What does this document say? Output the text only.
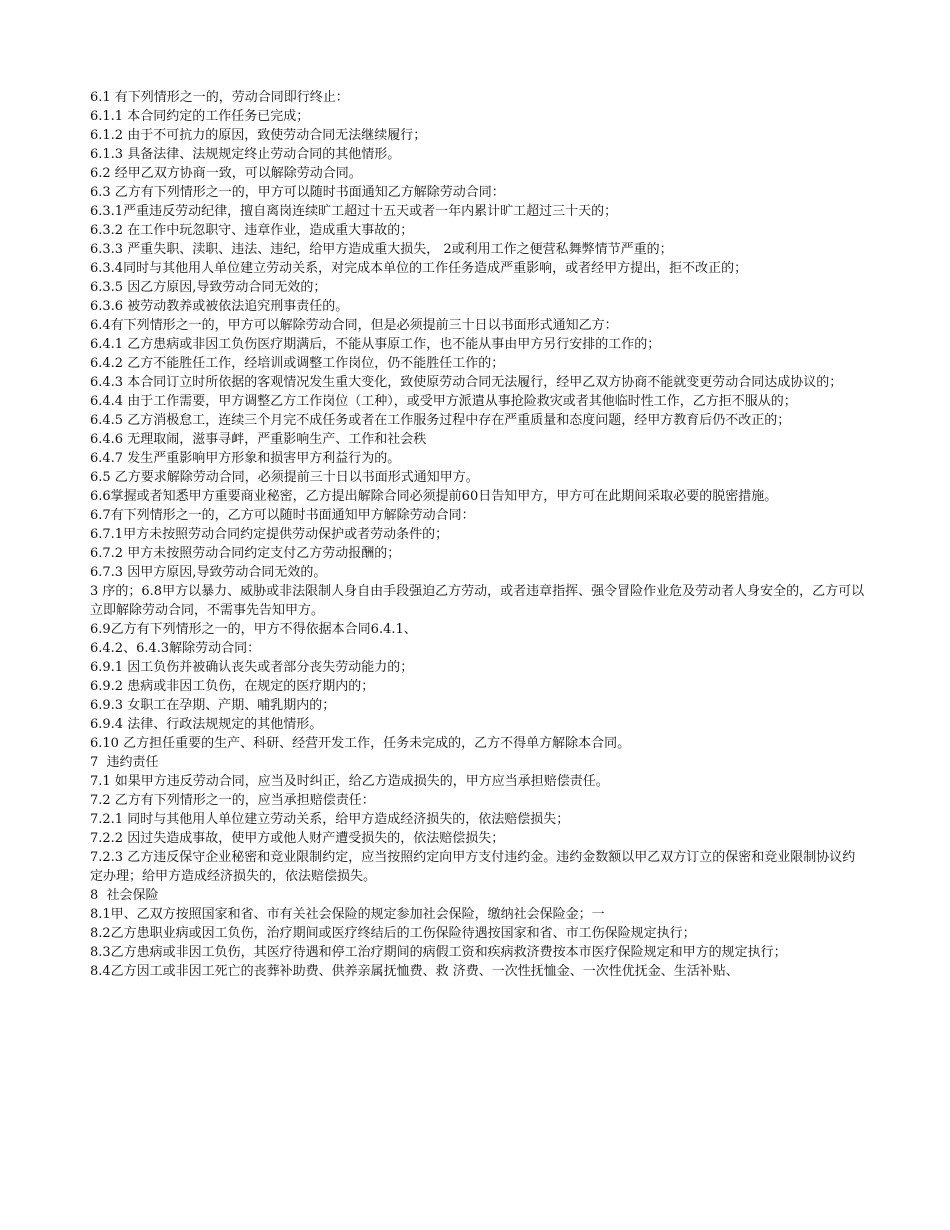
6.1 有下列情形之一的，劳动合同即行终止：
6.1.1 本合同约定的工作任务已完成；
6.1.2 由于不可抗力的原因，致使劳动合同无法继续履行；
6.1.3 具备法律、法规规定终止劳动合同的其他情形。
6.2 经甲乙双方协商一致，可以解除劳动合同。
6.3 乙方有下列情形之一的，甲方可以随时书面通知乙方解除劳动合同：
6.3.1严重违反劳动纪律，擅自离岗连续旷工超过十五天或者一年内累计旷工超过三十天的；
6.3.2 在工作中玩忽职守、违章作业，造成重大事故的；
6.3.3 严重失职、渎职、违法、违纪，给甲方造成重大损失， 2或利用工作之便营私舞弊情节严重的；
6.3.4同时与其他用人单位建立劳动关系，对完成本单位的工作任务造成严重影响，或者经甲方提出，拒不改正的；
6.3.5 因乙方原因,导致劳动合同无效的；
6.3.6 被劳动教养或被依法追究刑事责任的。
6.4有下列情形之一的，甲方可以解除劳动合同，但是必须提前三十日以书面形式通知乙方：
6.4.1 乙方患病或非因工负伤医疗期满后，不能从事原工作，也不能从事由甲方另行安排的工作的；
6.4.2 乙方不能胜任工作，经培训或调整工作岗位，仍不能胜任工作的；
6.4.3 本合同订立时所依据的客观情况发生重大变化，致使原劳动合同无法履行，经甲乙双方协商不能就变更劳动合同达成协议的；
6.4.4 由于工作需要，甲方调整乙方工作岗位（工种），或受甲方派遣从事抢险救灾或者其他临时性工作，乙方拒不服从的；
6.4.5 乙方消极怠工，连续三个月完不成任务或者在工作服务过程中存在严重质量和态度问题，经甲方教育后仍不改正的；
6.4.6 无理取闹，滋事寻衅，严重影响生产、工作和社会秩
6.4.7 发生严重影响甲方形象和损害甲方利益行为的。
6.5 乙方要求解除劳动合同，必须提前三十日以书面形式通知甲方。
6.6掌握或者知悉甲方重要商业秘密，乙方提出解除合同必须提前60日告知甲方，甲方可在此期间采取必要的脱密措施。
6.7有下列情形之一的，乙方可以随时书面通知甲方解除劳动合同：
6.7.1甲方未按照劳动合同约定提供劳动保护或者劳动条件的；
6.7.2 甲方未按照劳动合同约定支付乙方劳动报酬的；
6.7.3 因甲方原因,导致劳动合同无效的。
3 序的；6.8甲方以暴力、威胁或非法限制人身自由手段强迫乙方劳动，或者违章指挥、强令冒险作业危及劳动者人身安全的，乙方可以立即解除劳动合同，不需事先告知甲方。
6.9乙方有下列情形之一的，甲方不得依据本合同6.4.1、
6.4.2、6.4.3解除劳动合同：
6.9.1 因工负伤并被确认丧失或者部分丧失劳动能力的；
6.9.2 患病或非因工负伤，在规定的医疗期内的；
6.9.3 女职工在孕期、产期、哺乳期内的；
6.9.4 法律、行政法规规定的其他情形。
6.10 乙方担任重要的生产、科研、经营开发工作，任务未完成的，乙方不得单方解除本合同。
7  违约责任
7.1 如果甲方违反劳动合同，应当及时纠正，给乙方造成损失的，甲方应当承担赔偿责任。
7.2 乙方有下列情形之一的，应当承担赔偿责任：
7.2.1 同时与其他用人单位建立劳动关系，给甲方造成经济损失的，依法赔偿损失；
7.2.2 因过失造成事故，使甲方或他人财产遭受损失的，依法赔偿损失；
7.2.3 乙方违反保守企业秘密和竞业限制约定，应当按照约定向甲方支付违约金。违约金数额以甲乙双方订立的保密和竞业限制协议约定办理；给甲方造成经济损失的，依法赔偿损失。
8  社会保险
8.1甲、乙双方按照国家和省、市有关社会保险的规定参加社会保险，缴纳社会保险金；一
8.2乙方患职业病或因工负伤，治疗期间或医疗终结后的工伤保险待遇按国家和省、市工伤保险规定执行；
8.3乙方患病或非因工负伤，其医疗待遇和停工治疗期间的病假工资和疾病救济费按本市医疗保险规定和甲方的规定执行；
8.4乙方因工或非因工死亡的丧葬补助费、供养亲属抚恤费、救 济费、一次性抚恤金、一次性优抚金、生活补贴、
